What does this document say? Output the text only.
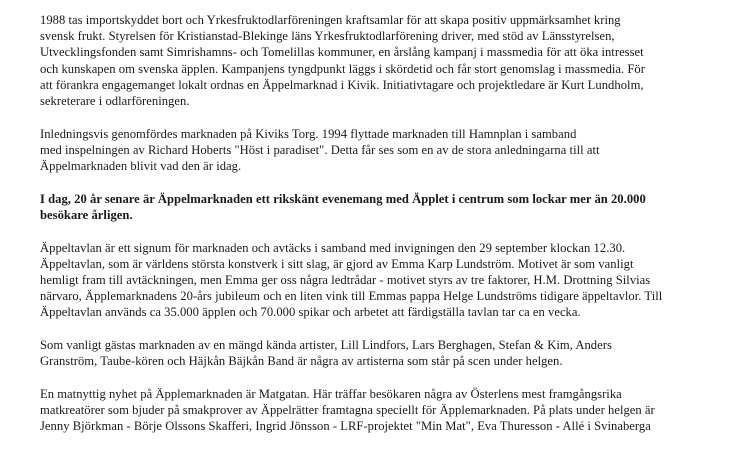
1988 tas importskyddet bort och Yrkesfruktodlarföreningen kraftsamlar för att skapa positiv uppmärksamhet kring
svensk frukt. Styrelsen för Kristianstad-Blekinge läns Yrkesfruktodlarförening driver, med stöd av Länsstyrelsen,
Utvecklingsfonden samt Simrishamns- och Tomelillas kommuner, en årslång kampanj i massmedia för att öka intresset
och kunskapen om svenska äpplen. Kampanjens tyngdpunkt läggs i skördetid och får stort genomslag i massmedia. För
att förankra engagemanget lokalt ordnas en Äppelmarknad i Kivik. Initiativtagare och projektledare är Kurt Lundholm,
sekreterare i odlarföreningen.
Inledningsvis genomfördes marknaden på Kiviks Torg. 1994 flyttade marknaden till Hamnplan i samband
med inspelningen av Richard Hoberts "Höst i paradiset". Detta får ses som en av de stora anledningarna till att
Äppelmarknaden blivit vad den är idag.
I dag, 20 år senare är Äppelmarknaden ett rikskänt evenemang med Äpplet i centrum som lockar mer än 20.000
besökare årligen.
Äppeltavlan är ett signum för marknaden och avtäcks i samband med invigningen den 29 september klockan 12.30.
Äppeltavlan, som är världens största konstverk i sitt slag, är gjord av Emma Karp Lundström. Motivet är som vanligt
hemligt fram till avtäckningen, men Emma ger oss några ledtrådar - motivet styrs av tre faktorer, H.M. Drottning Silvias
närvaro, Äpplemarknadens 20-års jubileum och en liten vink till Emmas pappa Helge Lundströms tidigare äppeltavlor. Till
Äppeltavlan används ca 35.000 äpplen och 70.000 spikar och arbetet att färdigställa tavlan tar ca en vecka.
Som vanligt gästas marknaden av en mängd kända artister, Lill Lindfors, Lars Berghagen, Stefan & Kim, Anders
Granström, Taube-kören och Häjkån Bäjkån Band är några av artisterna som står på scen under helgen.
En matnyttig nyhet på Äpplemarknaden är Matgatan. Här träffar besökaren några av Österlens mest framgångsrika
matkreatörer som bjuder på smakprover av Äppelrätter framtagna speciellt för Äpplemarknaden. På plats under helgen är
Jenny Björkman - Börje Olssons Skafferi, Ingrid Jönsson - LRF-projektet "Min Mat", Eva Thuresson - Allé i Svinaberga
